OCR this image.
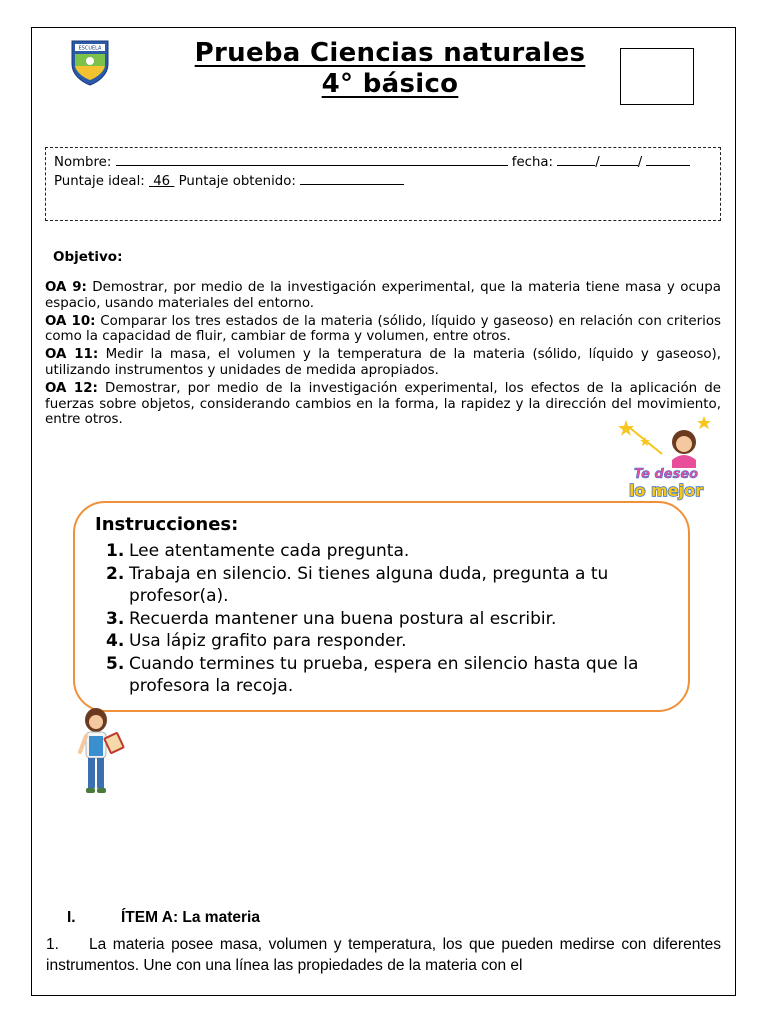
ESCUELA	Prueba Ciencias naturales
4° básico
Nombre:	fecha:	/	/
Puntaje ideal: 46 Puntaje obtenido:
Objetivo:

OA 9: Demostrar, por medio de la investigación experimental, que la materia tiene masa y ocupa espacio, usando materiales del entorno.

OA 10: Comparar los tres estados de la materia (sólido, líquido y gaseoso) en relación con criterios como la capacidad de fluir, cambiar de forma y volumen, entre otros.

OA 11: Medir la masa, el volumen y la temperatura de la materia (sólido, líquido y gaseoso), utilizando instrumentos y unidades de medida apropiados.

OA 12: Demostrar, por medio de la investigación experimental, los efectos de la aplicación de fuerzas sobre objetos, considerando cambios en la forma, la rapidez y la dirección del movimiento, entre otros.

Te deseo
lo mejor
Instrucciones:
1. Lee atentamente cada pregunta.
2. Trabaja en silencio. Si tienes alguna duda, pregunta a tu profesor(a).
3. Recuerda mantener una buena postura al escribir.
4. Usa lápiz grafito para responder.
5. Cuando termines tu prueba, espera en silencio hasta que la profesora la recoja.
I.	ÍTEM A: La materia
1. La materia posee masa, volumen y temperatura, los que pueden medirse con diferentes instrumentos. Une con una línea las propiedades de la materia con el
